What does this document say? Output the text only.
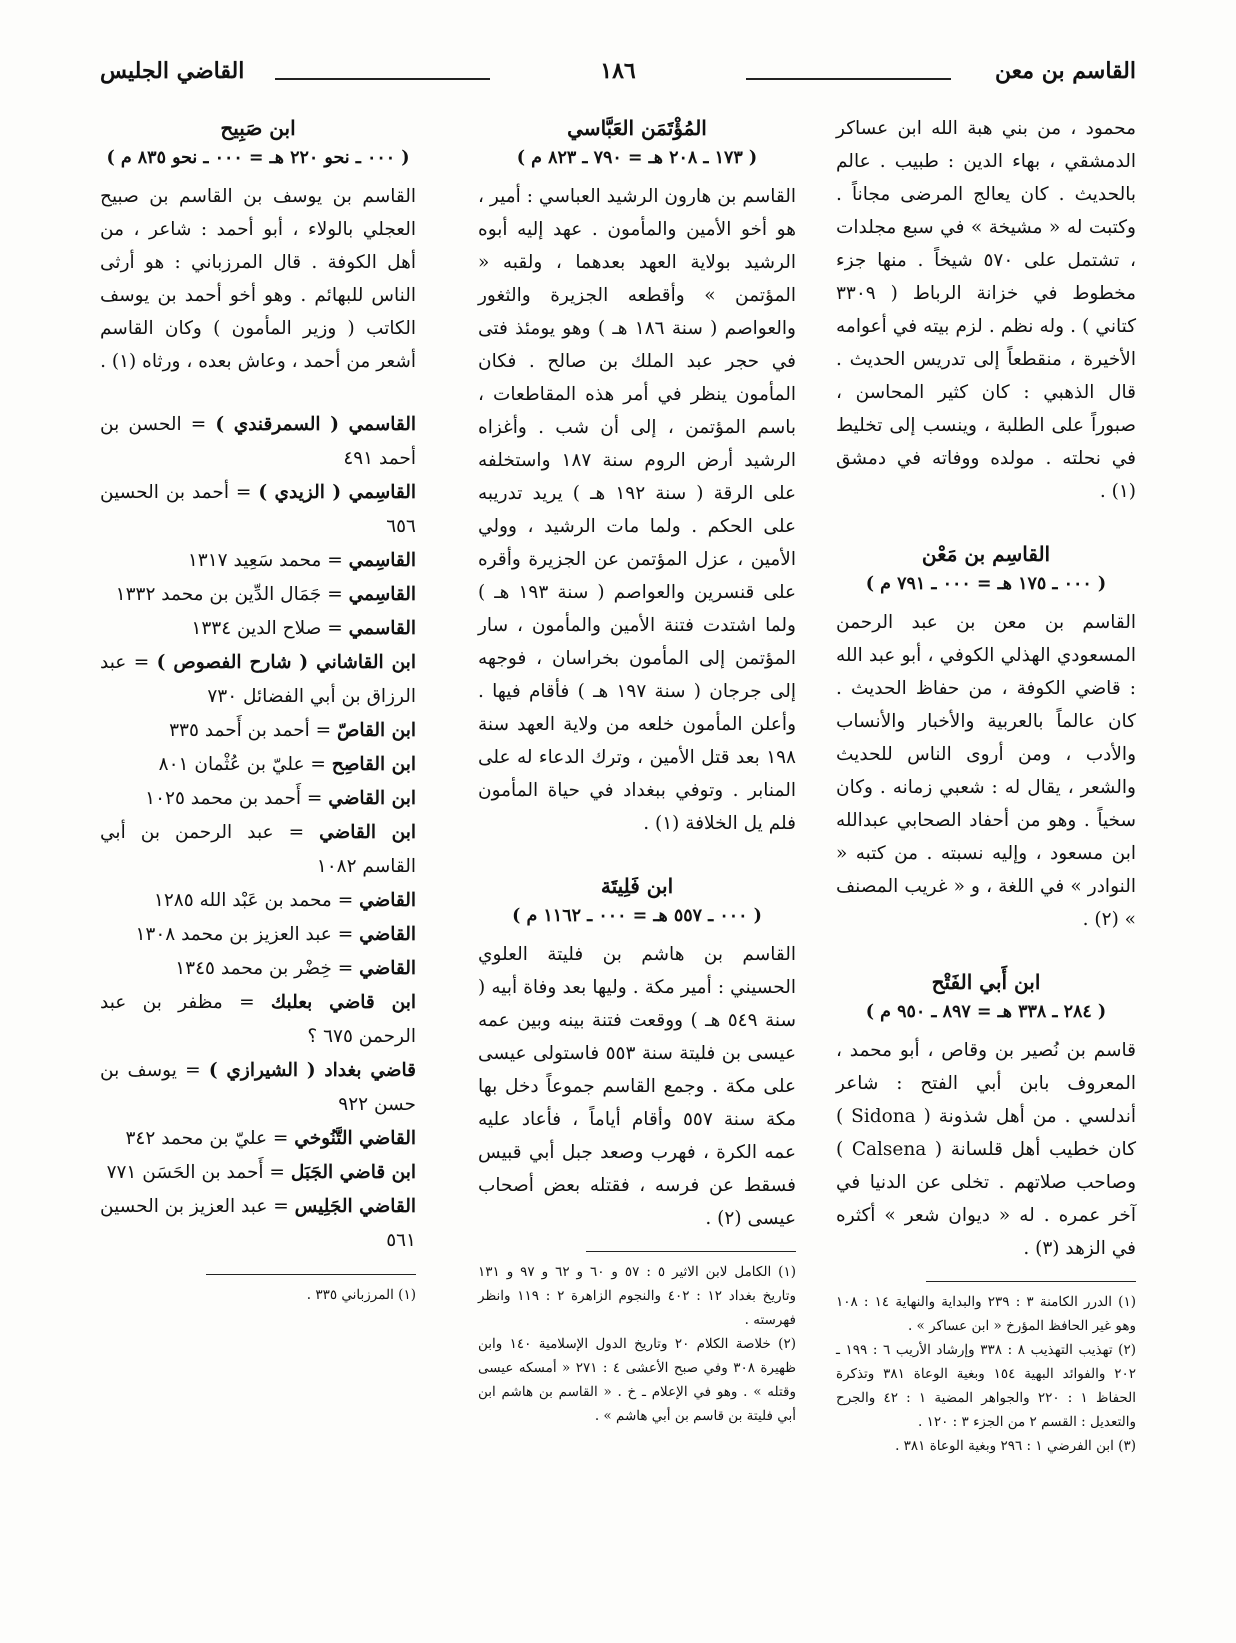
القاسم بن معن
١٨٦
القاضي الجليس

محمود ، من بني هبة الله ابن عساكر الدمشقي ، بهاء الدين : طبيب . عالم بالحديث . كان يعالج المرضى مجاناً . وكتبت له « مشيخة » في سبع مجلدات ، تشتمل على ٥٧٠ شيخاً . منها جزء مخطوط في خزانة الرباط ( ٣٣٠٩ كتاني ) . وله نظم . لزم بيته في أعوامه الأخيرة ، منقطعاً إلى تدريس الحديث . قال الذهبي : كان كثير المحاسن ، صبوراً على الطلبة ، وينسب إلى تخليط في نحلته . مولده ووفاته في دمشق (١) .

القاسِم بن مَعْن
( ٠٠٠ ـ ١٧٥ هـ = ٠٠٠ ـ ٧٩١ م )

القاسم بن معن بن عبد الرحمن المسعودي الهذلي الكوفي ، أبو عبد الله : قاضي الكوفة ، من حفاظ الحديث . كان عالماً بالعربية والأخبار والأنساب والأدب ، ومن أروى الناس للحديث والشعر ، يقال له : شعبي زمانه . وكان سخياً . وهو من أحفاد الصحابي عبدالله ابن مسعود ، وإليه نسبته . من كتبه « النوادر » في اللغة ، و « غريب المصنف » (٢) .

ابن أَبي الفَتْح
( ٢٨٤ ـ ٣٣٨ هـ = ٨٩٧ ـ ٩٥٠ م )

قاسم بن نُصير بن وقاص ، أبو محمد ، المعروف بابن أبي الفتح : شاعر أندلسي . من أهل شذونة ( Sidona ) كان خطيب أهل قلسانة ( Calsena ) وصاحب صلاتهم . تخلى عن الدنيا في آخر عمره . له « ديوان شعر » أكثره في الزهد (٣) .

(١) الدرر الكامنة ٣ : ٢٣٩ والبداية والنهاية ١٤ : ١٠٨ وهو غير الحافظ المؤرخ « ابن عساكر » .

(٢) تهذيب التهذيب ٨ : ٣٣٨ وإرشاد الأريب ٦ : ١٩٩ ـ ٢٠٢ والفوائد البهية ١٥٤ وبغية الوعاة ٣٨١ وتذكرة الحفاظ ١ : ٢٢٠ والجواهر المضية ١ : ٤٢ والجرح والتعديل : القسم ٢ من الجزء ٣ : ١٢٠ .

(٣) ابن الفرضي ١ : ٢٩٦ وبغية الوعاة ٣٨١ .

المُؤْتَمَن العَبَّاسي
( ١٧٣ ـ ٢٠٨ هـ = ٧٩٠ ـ ٨٢٣ م )

القاسم بن هارون الرشيد العباسي : أمير ، هو أخو الأمين والمأمون . عهد إليه أبوه الرشيد بولاية العهد بعدهما ، ولقبه « المؤتمن » وأقطعه الجزيرة والثغور والعواصم ( سنة ١٨٦ هـ ) وهو يومئذ فتى في حجر عبد الملك بن صالح . فكان المأمون ينظر في أمر هذه المقاطعات ، باسم المؤتمن ، إلى أن شب . وأغزاه الرشيد أرض الروم سنة ١٨٧ واستخلفه على الرقة ( سنة ١٩٢ هـ ) يريد تدريبه على الحكم . ولما مات الرشيد ، وولي الأمين ، عزل المؤتمن عن الجزيرة وأقره على قنسرين والعواصم ( سنة ١٩٣ هـ ) ولما اشتدت فتنة الأمين والمأمون ، سار المؤتمن إلى المأمون بخراسان ، فوجهه إلى جرجان ( سنة ١٩٧ هـ ) فأقام فيها . وأعلن المأمون خلعه من ولاية العهد سنة ١٩٨ بعد قتل الأمين ، وترك الدعاء له على المنابر . وتوفي ببغداد في حياة المأمون فلم يل الخلافة (١) .

ابن فَلِيتَة
( ٠٠٠ ـ ٥٥٧ هـ = ٠٠٠ ـ ١١٦٢ م )

القاسم بن هاشم بن فليتة العلوي الحسيني : أمير مكة . وليها بعد وفاة أبيه ( سنة ٥٤٩ هـ ) ووقعت فتنة بينه وبين عمه عيسى بن فليتة سنة ٥٥٣ فاستولى عيسى على مكة . وجمع القاسم جموعاً دخل بها مكة سنة ٥٥٧ وأقام أياماً ، فأعاد عليه عمه الكرة ، فهرب وصعد جبل أبي قبيس فسقط عن فرسه ، فقتله بعض أصحاب عيسى (٢) .

(١) الكامل لابن الاثير ٥ : ٥٧ و ٦٠ و ٦٢ و ٩٧ و ١٣١ وتاريخ بغداد ١٢ : ٤٠٢ والنجوم الزاهرة ٢ : ١١٩ وانظر فهرسته .

(٢) خلاصة الكلام ٢٠ وتاريخ الدول الإسلامية ١٤٠ وابن ظهيرة ٣٠٨ وفي صبح الأعشى ٤ : ٢٧١ « أمسكه عيسى وقتله » . وهو في الإعلام ـ خ . « القاسم بن هاشم ابن أبي فليتة بن قاسم بن أبي هاشم » .

ابن صَبِيح
( ٠٠٠ ـ نحو ٢٢٠ هـ = ٠٠٠ ـ نحو ٨٣٥ م )

القاسم بن يوسف بن القاسم بن صبيح العجلي بالولاء ، أبو أحمد : شاعر ، من أهل الكوفة . قال المرزباني : هو أرثى الناس للبهائم . وهو أخو أحمد بن يوسف الكاتب ( وزير المأمون ) وكان القاسم أشعر من أحمد ، وعاش بعده ، ورثاه (١) .

القاسمي ( السمرقندي ) = الحسن بن أحمد ٤٩١

القاسِمي ( الزيدي ) = أحمد بن الحسين ٦٥٦

القاسِمي = محمد سَعِيد ١٣١٧

القاسِمي = جَمَال الدِّين بن محمد ١٣٣٢

القاسمي = صلاح الدين ١٣٣٤

ابن القاشاني ( شارح الفصوص ) = عبد الرزاق بن أبي الفضائل ٧٣٠

ابن القاصّ = أحمد بن أَحمد ٣٣٥

ابن القاصِح = عليّ بن عُثْمان ٨٠١

ابن القاضي = أَحمد بن محمد ١٠٢٥

ابن القاضي = عبد الرحمن بن أبي القاسم ١٠٨٢

القاضي = محمد بن عَبْد الله ١٢٨٥

القاضي = عبد العزيز بن محمد ١٣٠٨

القاضي = خِضْر بن محمد ١٣٤٥

ابن قاضي بعلبك = مظفر بن عبد الرحمن ٦٧٥ ؟

قاضي بغداد ( الشيرازي ) = يوسف بن حسن ٩٢٢

القاضي التَّنُوخي = عليّ بن محمد ٣٤٢

ابن قاضي الجَبَل = أَحمد بن الحَسَن ٧٧١

القاضي الجَلِيس = عبد العزيز بن الحسين ٥٦١

(١) المرزباني ٣٣٥ .
